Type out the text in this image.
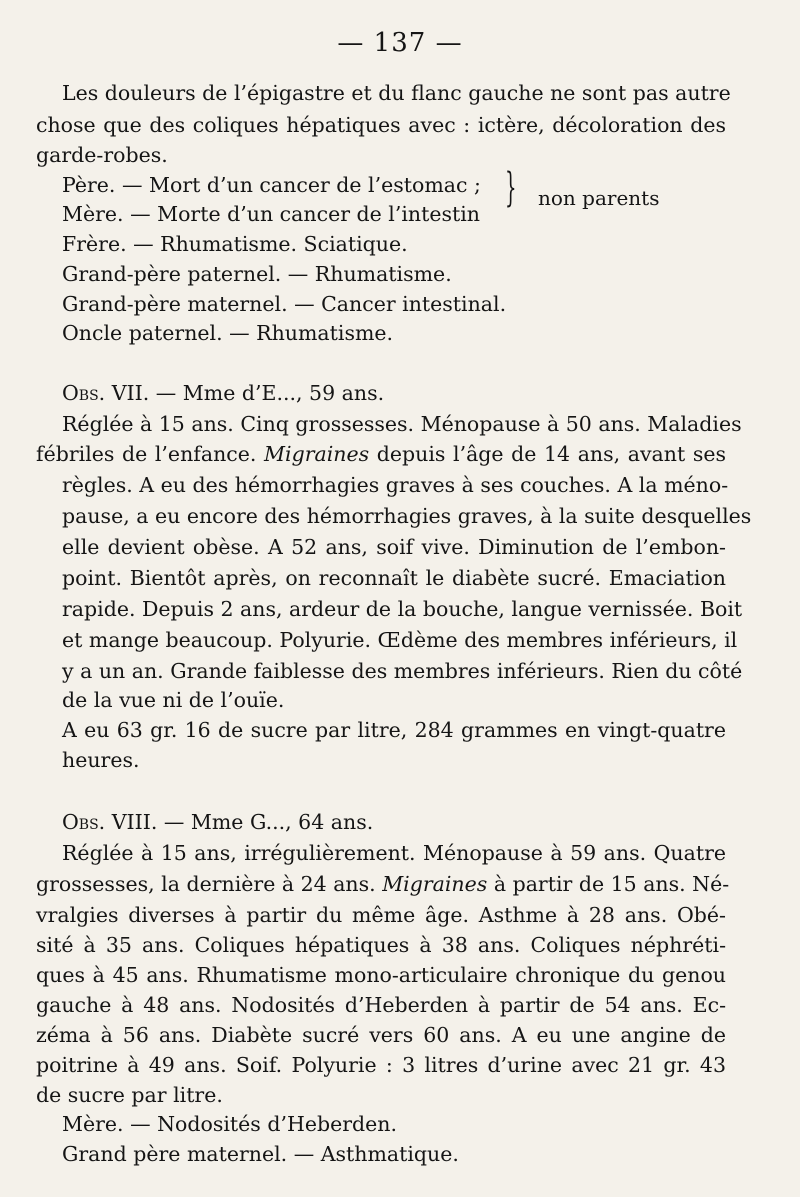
— 137 —
Les douleurs de l’épigastre et du flanc gauche ne sont pas autre
chose que des coliques hépatiques avec : ictère, décoloration des
garde-robes.
Père. — Mort d’un cancer de l’estomac ;
Mère. — Morte d’un cancer de l’intestin
} non parents
Frère. — Rhumatisme. Sciatique.
Grand-père paternel. — Rhumatisme.
Grand-père maternel. — Cancer intestinal.
Oncle paternel. — Rhumatisme.
Obs. VII. — Mme d’E..., 59 ans.
Réglée à 15 ans. Cinq grossesses. Ménopause à 50 ans. Maladies
fébriles de l’enfance. Migraines depuis l’âge de 14 ans, avant ses
règles. A eu des hémorrhagies graves à ses couches. A la méno-
pause, a eu encore des hémorrhagies graves, à la suite desquelles
elle devient obèse. A 52 ans, soif vive. Diminution de l’embon-
point. Bientôt après, on reconnaît le diabète sucré. Emaciation
rapide. Depuis 2 ans, ardeur de la bouche, langue vernissée. Boit
et mange beaucoup. Polyurie. Œdème des membres inférieurs, il
y a un an. Grande faiblesse des membres inférieurs. Rien du côté
de la vue ni de l’ouïe.
A eu 63 gr. 16 de sucre par litre, 284 grammes en vingt-quatre
heures.
Obs. VIII. — Mme G..., 64 ans.
Réglée à 15 ans, irrégulièrement. Ménopause à 59 ans. Quatre
grossesses, la dernière à 24 ans. Migraines à partir de 15 ans. Né-
vralgies diverses à partir du même âge. Asthme à 28 ans. Obé-
sité à 35 ans. Coliques hépatiques à 38 ans. Coliques néphréti-
ques à 45 ans. Rhumatisme mono-articulaire chronique du genou
gauche à 48 ans. Nodosités d’Heberden à partir de 54 ans. Ec-
zéma à 56 ans. Diabète sucré vers 60 ans. A eu une angine de
poitrine à 49 ans. Soif. Polyurie : 3 litres d’urine avec 21 gr. 43
de sucre par litre.
Mère. — Nodosités d’Heberden.
Grand père maternel. — Asthmatique.
